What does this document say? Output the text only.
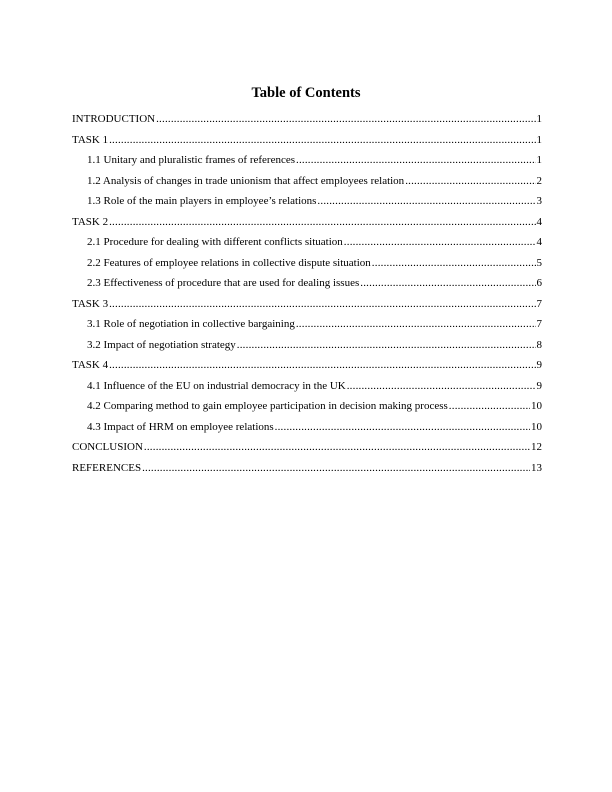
Table of Contents
INTRODUCTION .....	1
TASK 1 .....	1
1.1 Unitary and pluralistic frames of references .....	1
1.2 Analysis of changes in trade unionism that affect employees relation .....	2
1.3 Role of the main players in employee’s relations .....	3
TASK 2 .....	4
2.1 Procedure for dealing with different conflicts situation .....	4
2.2 Features of employee relations in collective dispute situation .....	5
2.3 Effectiveness of procedure that are used for dealing issues .....	6
TASK 3 .....	7
3.1 Role of negotiation in collective bargaining .....	7
3.2 Impact of negotiation strategy .....	8
TASK 4 .....	9
4.1 Influence of the EU on industrial democracy in the UK .....	9
4.2 Comparing method to gain employee participation in decision making process .....	10
4.3 Impact of HRM on employee relations .....	10
CONCLUSION .....	12
REFERENCES .....	13
